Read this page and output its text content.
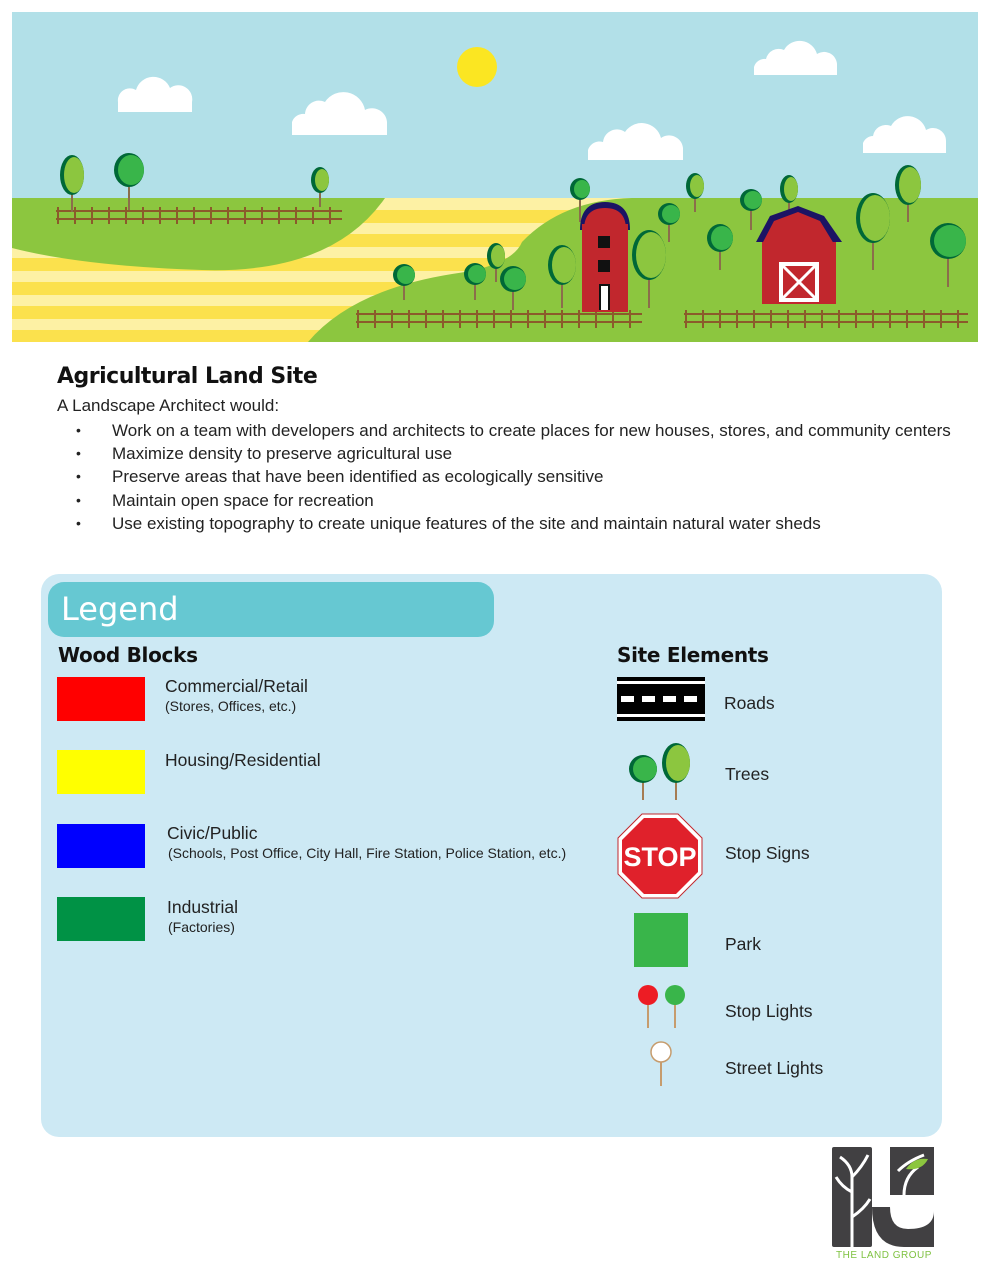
Agricultural Land Site
A Landscape Architect would:
• Work on a team with developers and architects to create places for new houses, stores, and community centers
• Maximize density to preserve agricultural use
• Preserve areas that have been identified as ecologically sensitive
• Maintain open space for recreation
• Use existing topography to create unique features of the site and maintain natural water sheds
Legend
Wood Blocks	Site Elements
Commercial/Retail
(Stores, Offices, etc.)
Housing/Residential
Civic/Public
(Schools, Post Office, City Hall, Fire Station, Police Station, etc.)
Industrial
(Factories)
Roads
Trees
STOP Stop Signs
Park
Stop Lights
Street Lights
THE LAND GROUP
